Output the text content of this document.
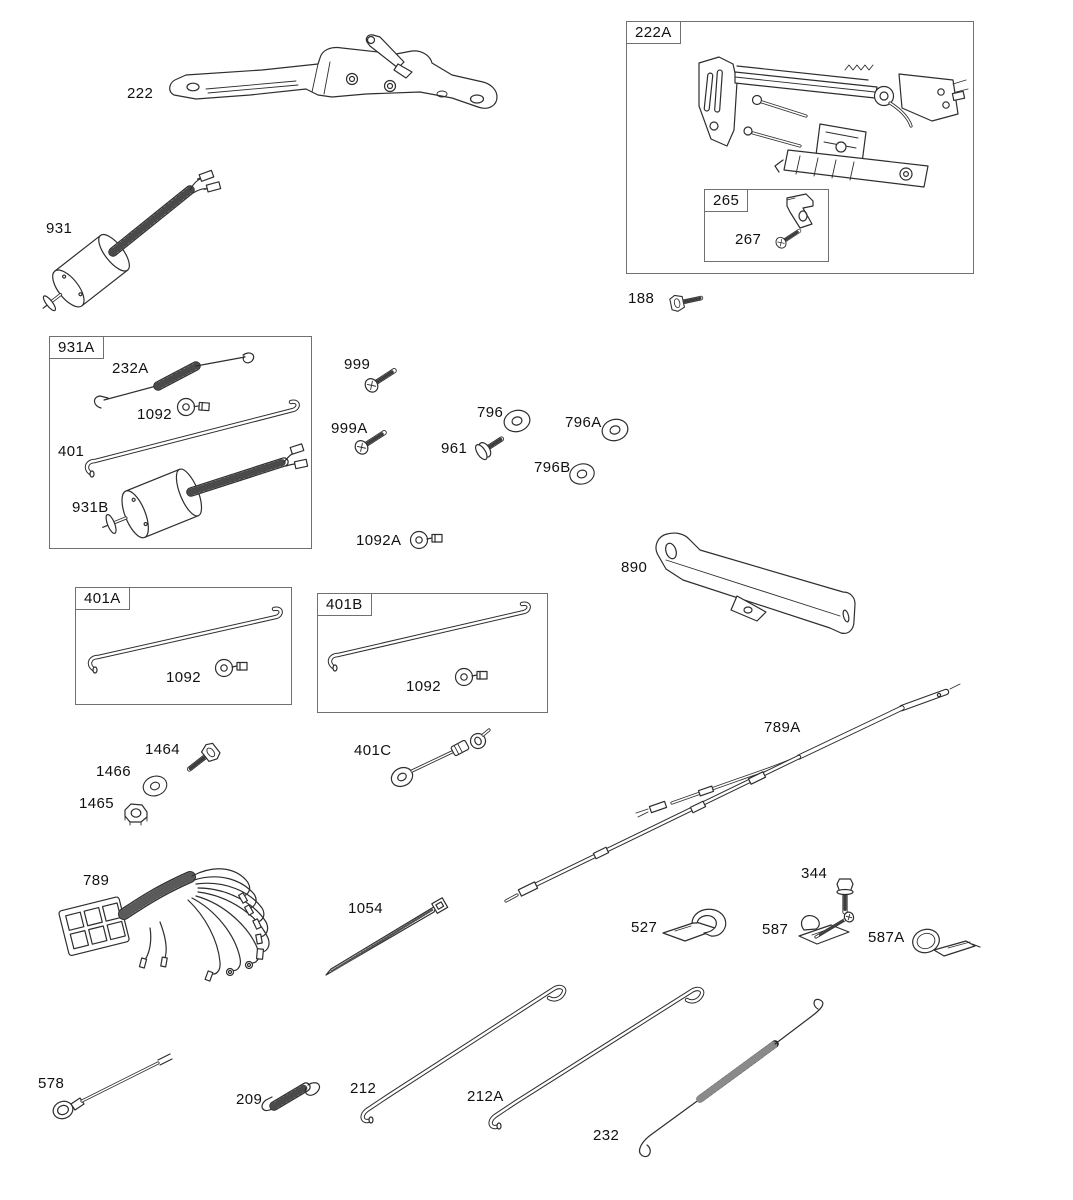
222A
265
931A
401A	401B
222
931
267
188
232A	999
796
1092	796A
999A
961
401
796B
931B
1092A
890
1092
1092
789A
401C
1464
1466
1465
789	344
1054
527	587	587A
578
209
212	212A
232
